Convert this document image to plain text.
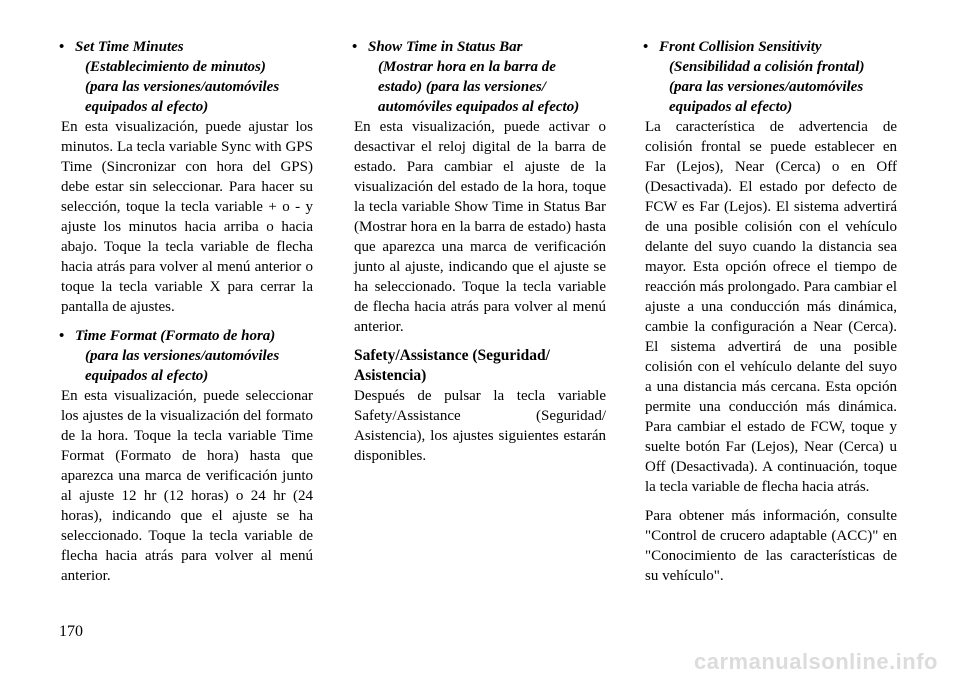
• Set Time Minutes
(Establecimiento de minutos)
(para las versiones/automóviles
equipados al efecto)

En esta visualización, puede ajustar los minutos. La tecla variable Sync with GPS Time (Sincronizar con hora del GPS) debe estar sin seleccionar. Para hacer su selección, toque la tecla variable + o - y ajuste los minutos hacia arriba o hacia abajo. Toque la tecla variable de flecha hacia atrás para volver al menú anterior o toque la tecla variable X para cerrar la pantalla de ajustes.

• Time Format (Formato de hora)
(para las versiones/automóviles
equipados al efecto)

En esta visualización, puede seleccionar los ajustes de la visualización del formato de la hora. Toque la tecla variable Time Format (Formato de hora) hasta que aparezca una marca de verificación junto al ajuste 12 hr (12 horas) o 24 hr (24 horas), indicando que el ajuste se ha seleccionado. Toque la tecla variable de flecha hacia atrás para volver al menú anterior.

• Show Time in Status Bar
(Mostrar hora en la barra de
estado) (para las versiones/
automóviles equipados al efecto)

En esta visualización, puede activar o desactivar el reloj digital de la barra de estado. Para cambiar el ajuste de la visualización del estado de la hora, toque la tecla variable Show Time in Status Bar (Mostrar hora en la barra de estado) hasta que aparezca una marca de verificación junto al ajuste, indicando que el ajuste se ha seleccionado. Toque la tecla variable de flecha hacia atrás para volver al menú anterior.

Safety/Assistance (Seguridad/
Asistencia)

Después de pulsar la tecla variable Safety/Assistance (Seguridad/ Asistencia), los ajustes siguientes estarán disponibles.

• Front Collision Sensitivity
(Sensibilidad a colisión frontal)
(para las versiones/automóviles
equipados al efecto)

La característica de advertencia de colisión frontal se puede establecer en Far (Lejos), Near (Cerca) o en Off (Desactivada). El estado por defecto de FCW es Far (Lejos). El sistema advertirá de una posible colisión con el vehículo delante del suyo cuando la distancia sea mayor. Esta opción ofrece el tiempo de reacción más prolongado. Para cambiar el ajuste a una conducción más dinámica, cambie la configuración a Near (Cerca). El sistema advertirá de una posible colisión con el vehículo delante del suyo a una distancia más cercana. Esta opción permite una conducción más dinámica. Para cambiar el estado de FCW, toque y suelte botón Far (Lejos), Near (Cerca) u Off (Desactivada). A continuación, toque la tecla variable de flecha hacia atrás.

Para obtener más información, consulte "Control de crucero adaptable (ACC)" en "Conocimiento de las características de su vehículo".

170
carmanualsonline.info
